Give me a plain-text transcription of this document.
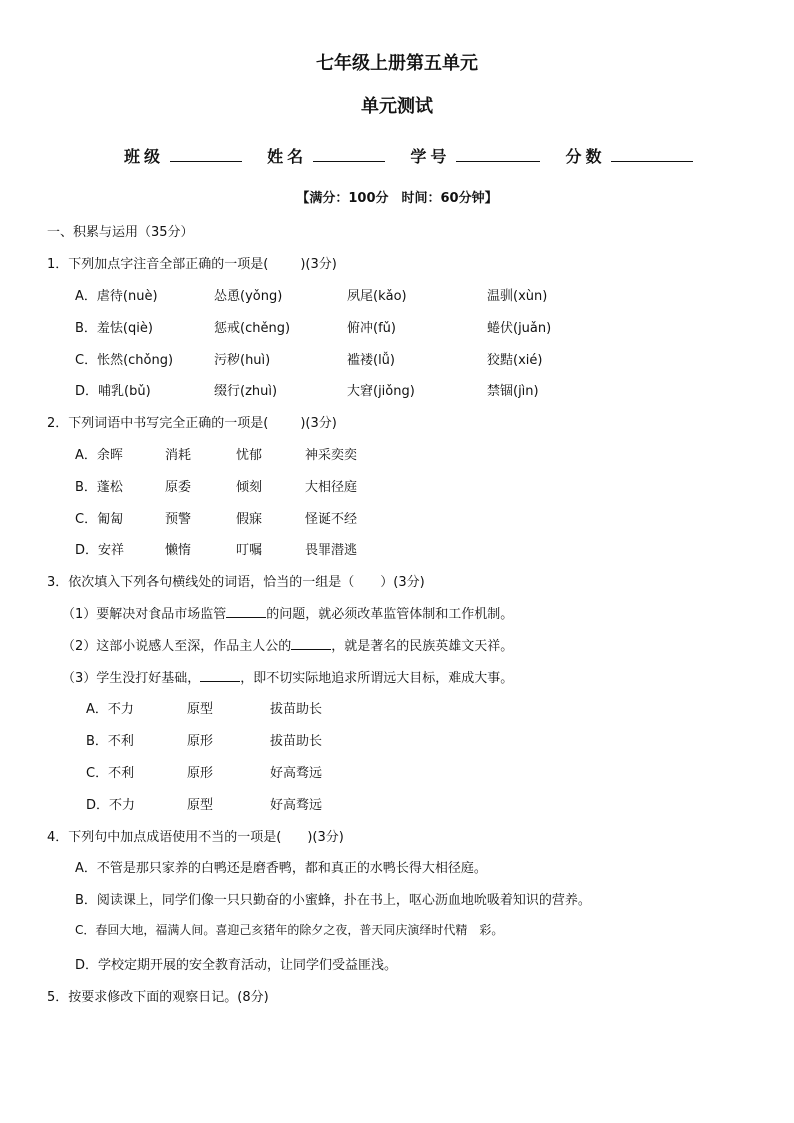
七年级上册第五单元
单元测试
班级	姓名	学号	分数
【满分：100分　时间：60分钟】
一、积累与运用（35分）
1．下列加点字注音全部正确的一项是( )(3分)
A．虐待(nuè)	怂恿(yǒng)	夙尾(kǎo)	温驯(xùn)
B．羞怯(qiè)	惩戒(chěng)	俯冲(fǔ)	蜷伏(juǎn)
C．怅然(chǒng)	污秽(huì)	褴褛(lǚ)	狡黠(xié)
D．哺乳(bǔ)	缀行(zhuì)	大窘(jiǒng)	禁锢(jìn)
2．下列词语中书写完全正确的一项是( )(3分)
A．余晖	消耗	忧郁	神采奕奕
B．蓬松	原委	倾刻	大相径庭
C．匍匐	预警	假寐	怪诞不经
D．安祥	懒惰	叮嘱	畏罪潜逃
3．依次填入下列各句横线处的词语，恰当的一组是（　　）(3分)
（1）要解决对食品市场监管	的问题，就必须改革监管体制和工作机制。
（2）这部小说感人至深，作品主人公的	，就是著名的民族英雄文天祥。
（3）学生没打好基础，	，即不切实际地追求所谓远大目标，难成大事。
A．不力	原型	拔苗助长
B．不利	原形	拔苗助长
C．不利	原形	好高骛远
D．不力	原型	好高骛远
4．下列句中加点成语使用不当的一项是(　　)(3分)
A．不管是那只家养的白鸭还是磨香鸭，都和真正的水鸭长得大相径庭。
B．阅读课上，同学们像一只只勤奋的小蜜蜂，扑在书上，呕心沥血地吮吸着知识的营养。
C．春回大地，福满人间。喜迎己亥猪年的除夕之夜，普天同庆演绎时代精　彩。
D．学校定期开展的安全教育活动，让同学们受益匪浅。
5．按要求修改下面的观察日记。(8分)
